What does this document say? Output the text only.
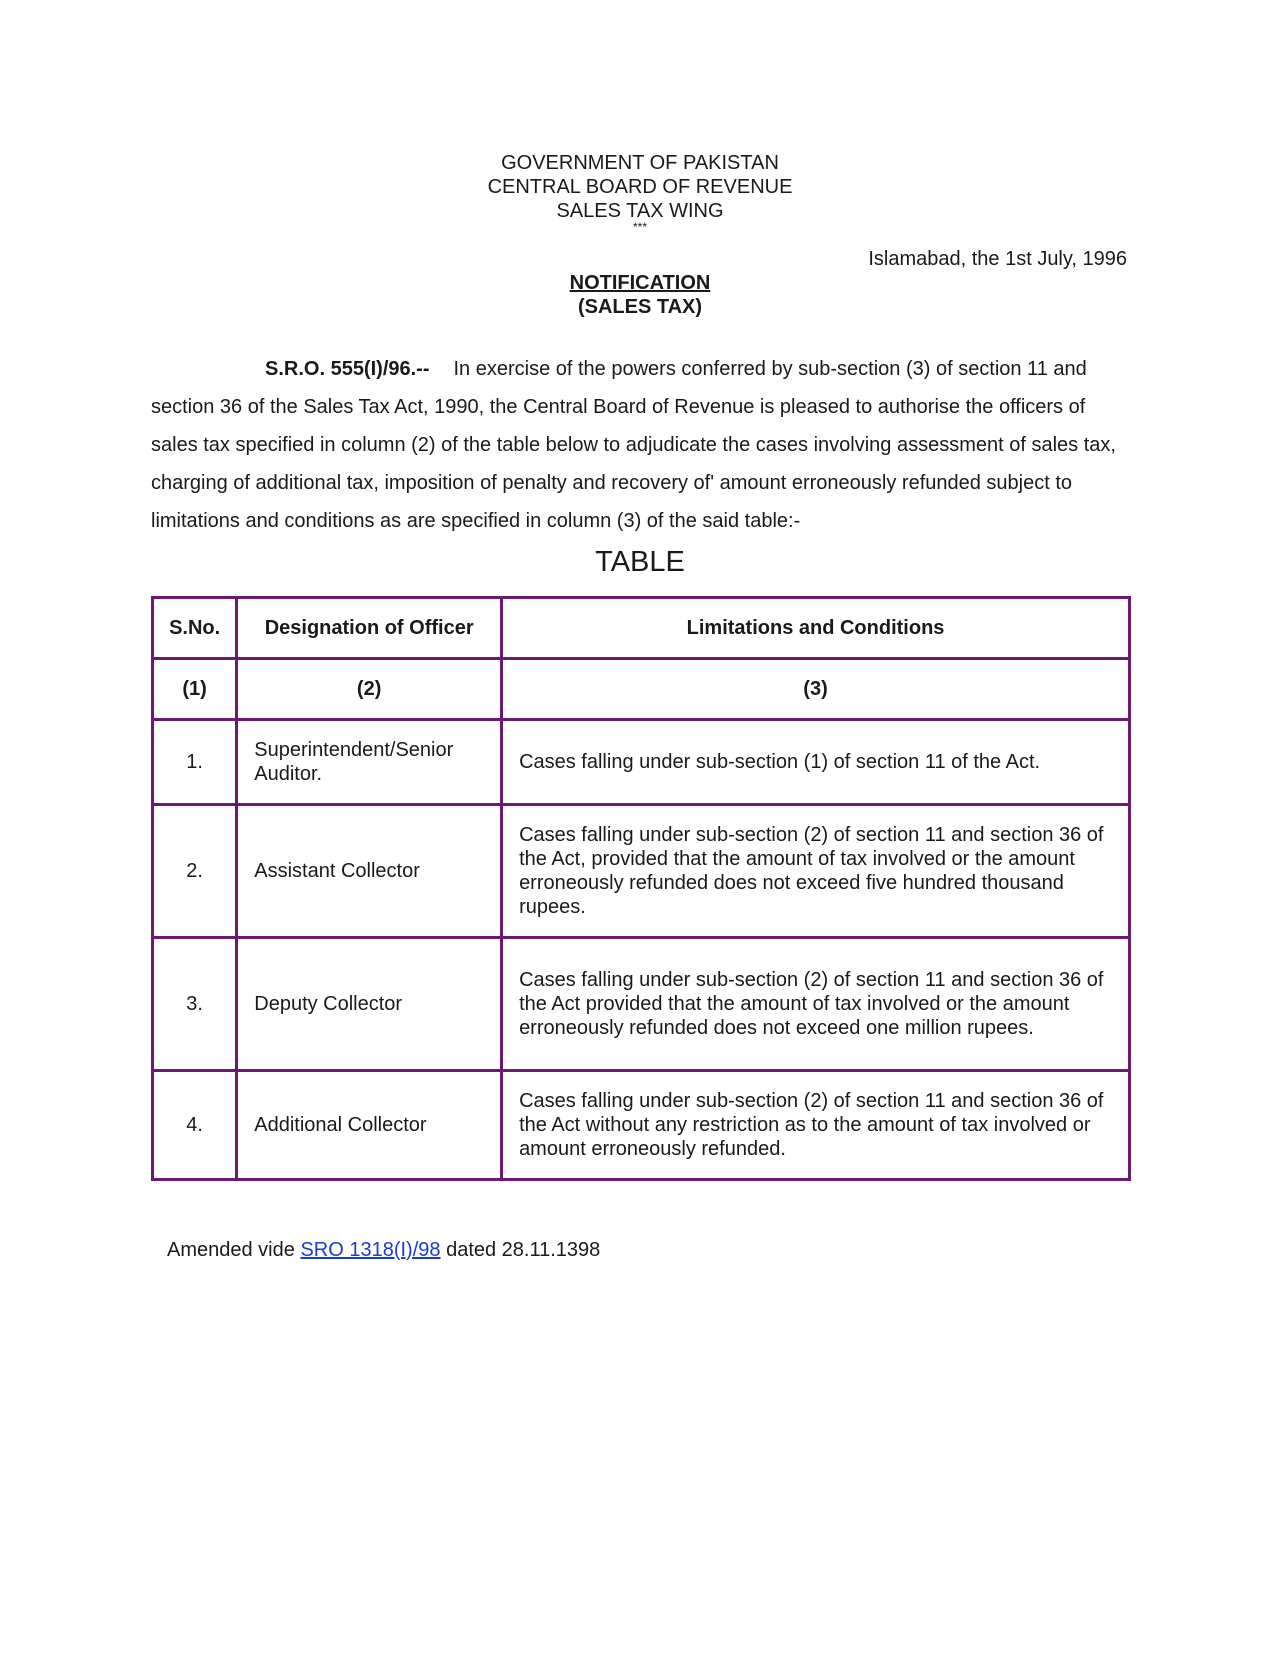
GOVERNMENT OF PAKISTAN
CENTRAL BOARD OF REVENUE
SALES TAX WING
***
Islamabad, the 1st July, 1996
NOTIFICATION
(SALES TAX)
S.R.O. 555(I)/96.-- In exercise of the powers conferred by sub-section (3) of section 11 and section 36 of the Sales Tax Act, 1990, the Central Board of Revenue is pleased to authorise the officers of sales tax specified in column (2) of the table below to adjudicate the cases involving assessment of sales tax, charging of additional tax, imposition of penalty and recovery of' amount erroneously refunded subject to limitations and conditions as are specified in column (3) of the said table:-
TABLE
S.No.	Designation of Officer	Limitations and Conditions
(1)	(2)	(3)
1.	Superintendent/Senior Auditor.	Cases falling under sub-section (1) of section 11 of the Act.
2.	Assistant Collector	Cases falling under sub-section (2) of section 11 and section 36 of the Act, provided that the amount of tax involved or the amount erroneously refunded does not exceed five hundred thousand rupees.
3.	Deputy Collector	Cases falling under sub-section (2) of section 11 and section 36 of the Act provided that the amount of tax involved or the amount erroneously refunded does not exceed one million rupees.
4.	Additional Collector	Cases falling under sub-section (2) of section 11 and section 36 of the Act without any restriction as to the amount of tax involved or amount erroneously refunded.
Amended vide SRO 1318(I)/98 dated 28.11.1398
